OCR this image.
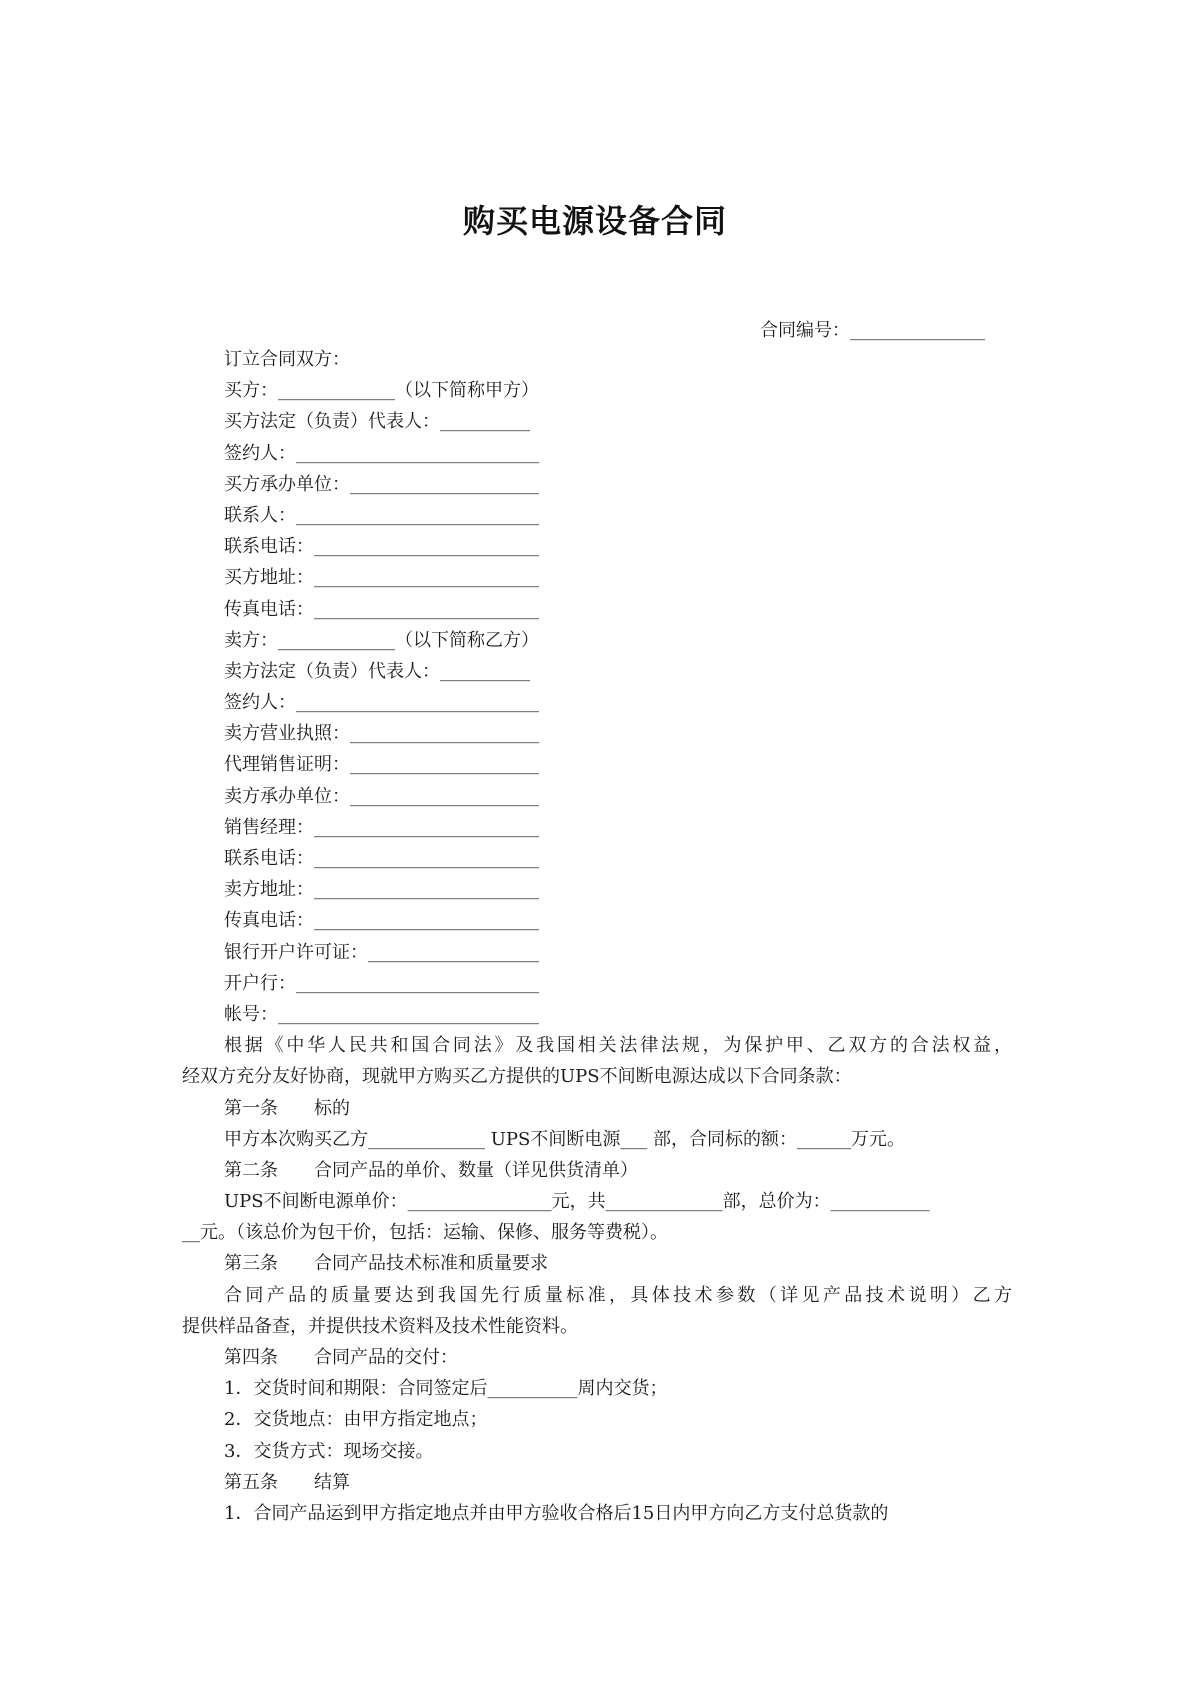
购买电源设备合同
合同编号：_______________
订立合同双方：
买方：_____________（以下简称甲方）
买方法定（负责）代表人：__________
签约人：___________________________
买方承办单位：_____________________
联系人：___________________________
联系电话：_________________________
买方地址：_________________________
传真电话：_________________________
卖方：_____________（以下简称乙方）
卖方法定（负责）代表人：__________
签约人：___________________________
卖方营业执照：_____________________
代理销售证明：_____________________
卖方承办单位：_____________________
销售经理：_________________________
联系电话：_________________________
卖方地址：_________________________
传真电话：_________________________
银行开户许可证：___________________
开户行：___________________________
帐号：_____________________________
根据《中华人民共和国合同法》及我国相关法律法规，为保护甲、乙双方的合法权益，
经双方充分友好协商，现就甲方购买乙方提供的UPS不间断电源达成以下合同条款：
第一条　　标的
甲方本次购买乙方_____________ UPS不间断电源___ 部，合同标的额：______万元。
第二条　　合同产品的单价、数量（详见供货清单）
UPS不间断电源单价：________________元，共_____________部，总价为：___________
__元。（该总价为包干价，包括：运输、保修、服务等费税）。
第三条　　合同产品技术标准和质量要求
合同产品的质量要达到我国先行质量标准，具体技术参数（详见产品技术说明）乙方
提供样品备查，并提供技术资料及技术性能资料。
第四条　　合同产品的交付：
1．交货时间和期限：合同签定后__________周内交货；
2．交货地点：由甲方指定地点；
3．交货方式：现场交接。
第五条　　结算
1．合同产品运到甲方指定地点并由甲方验收合格后15日内甲方向乙方支付总货款的
